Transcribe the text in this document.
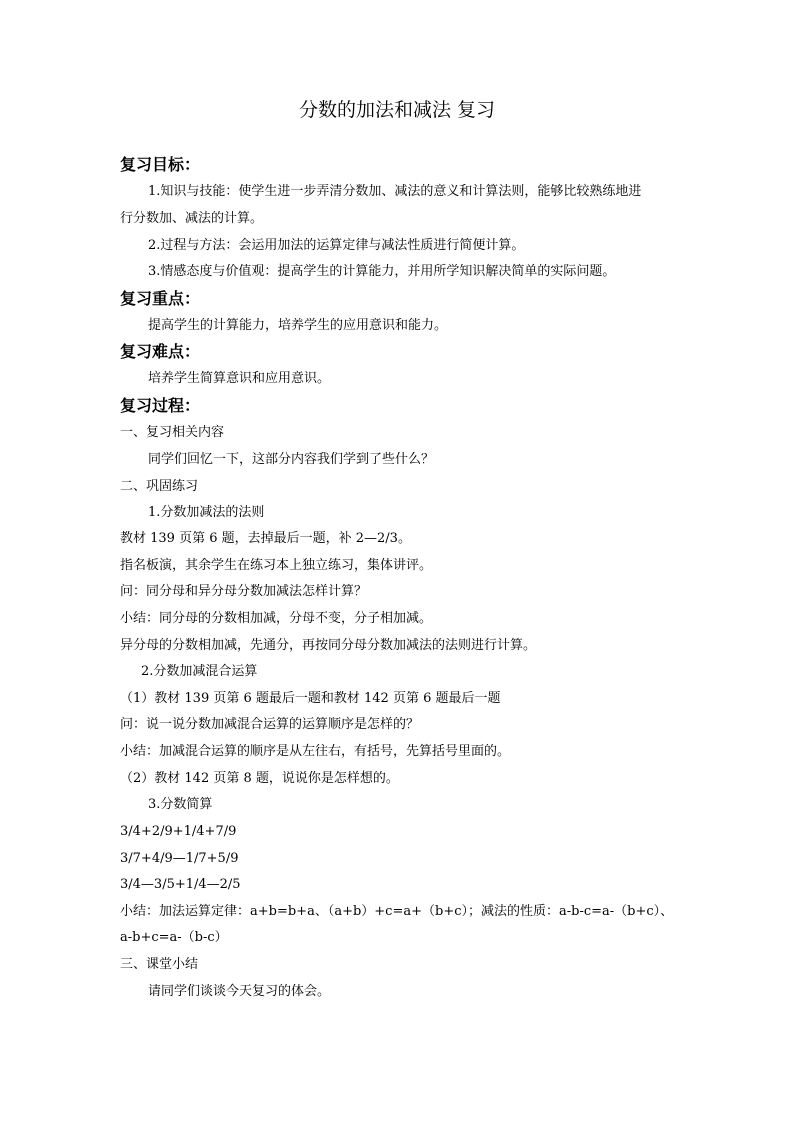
分数的加法和减法 复习
复习目标：
1.知识与技能：使学生进一步弄清分数加、减法的意义和计算法则，能够比较熟练地进
行分数加、减法的计算。
2.过程与方法：会运用加法的运算定律与减法性质进行简便计算。
3.情感态度与价值观：提高学生的计算能力，并用所学知识解决简单的实际问题。
复习重点：
提高学生的计算能力，培养学生的应用意识和能力。
复习难点：
培养学生简算意识和应用意识。
复习过程：
一、复习相关内容
同学们回忆一下，这部分内容我们学到了些什么？
二、巩固练习
1.分数加减法的法则
教材 139 页第 6 题，去掉最后一题，补 2—2/3。
指名板演，其余学生在练习本上独立练习，集体讲评。
问：同分母和异分母分数加减法怎样计算？
小结：同分母的分数相加减，分母不变，分子相加减。
异分母的分数相加减，先通分，再按同分母分数加减法的法则进行计算。
2.分数加减混合运算
（1）教材 139 页第 6 题最后一题和教材 142 页第 6 题最后一题
问：说一说分数加减混合运算的运算顺序是怎样的？
小结：加减混合运算的顺序是从左往右，有括号，先算括号里面的。
（2）教材 142 页第 8 题，说说你是怎样想的。
3.分数简算
3/4+2/9+1/4+7/9
3/7+4/9—1/7+5/9
3/4—3/5+1/4—2/5
小结：加法运算定律：a+b=b+a、（a+b）+c=a+（b+c）；减法的性质：a-b-c=a-（b+c）、
a-b+c=a-（b-c）
三、课堂小结
请同学们谈谈今天复习的体会。
